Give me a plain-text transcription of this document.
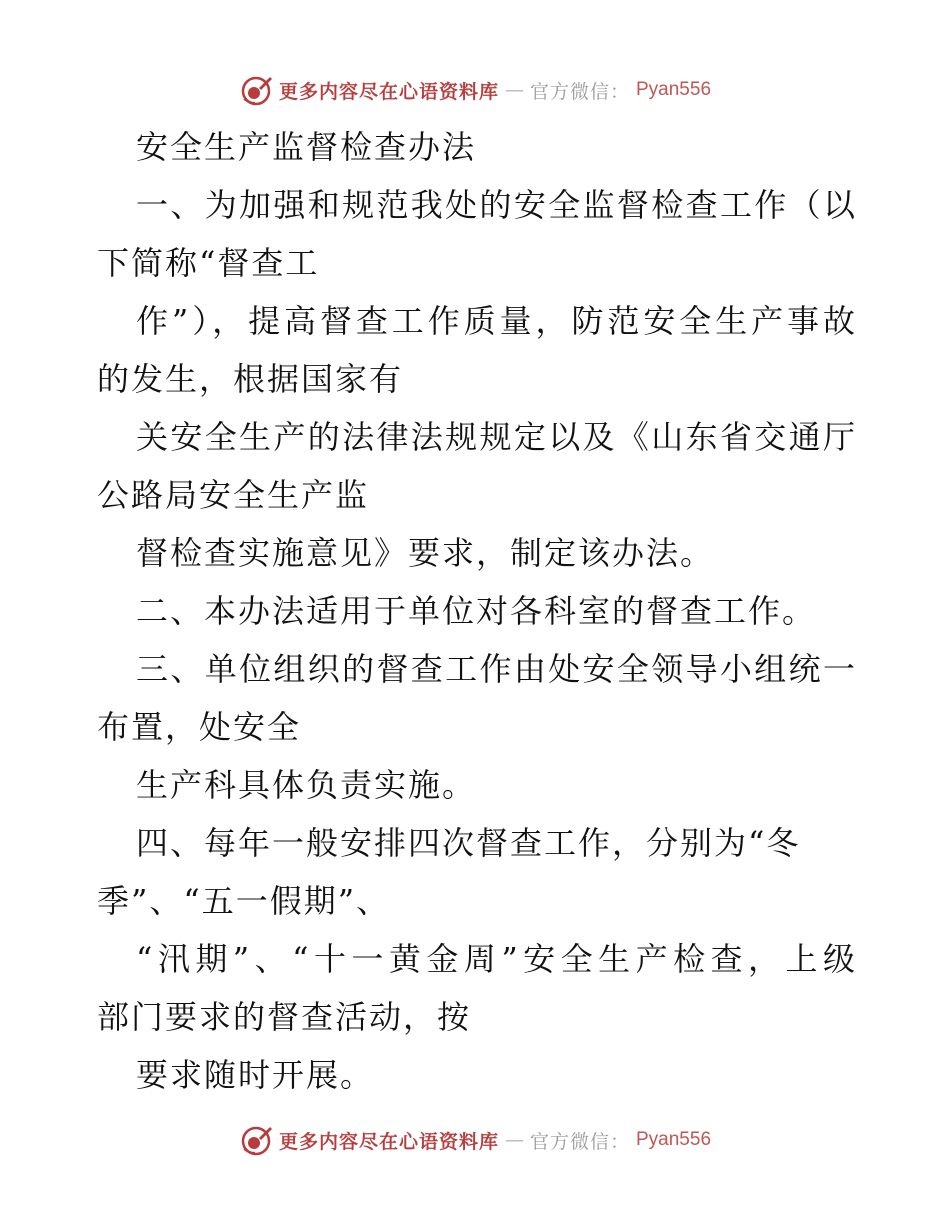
更多内容尽在心语资料库 — 官方微信： Pyan556
安全生产监督检查办法
一、为加强和规范我处的安全监督检查工作（以
下简称“督查工
作”），提高督查工作质量，防范安全生产事故
的发生，根据国家有
关安全生产的法律法规规定以及《山东省交通厅
公路局安全生产监
督检查实施意见》要求，制定该办法。
二、本办法适用于单位对各科室的督查工作。
三、单位组织的督查工作由处安全领导小组统一
布置，处安全
生产科具体负责实施。
四、每年一般安排四次督查工作，分别为“冬
季”、“五一假期”、
“汛期”、“十一黄金周”安全生产检查，上级
部门要求的督查活动，按
要求随时开展。
更多内容尽在心语资料库 — 官方微信： Pyan556
